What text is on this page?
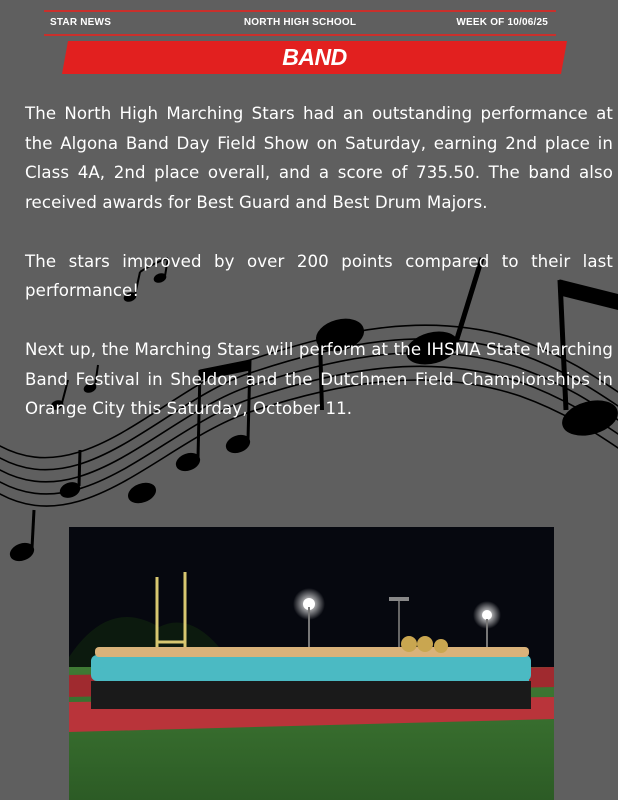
STAR NEWS	NORTH HIGH SCHOOL	WEEK OF 10/06/25
BAND

The North High Marching Stars had an outstanding performance at the Algona Band Day Field Show on Saturday, earning 2nd place in Class 4A, 2nd place overall, and a score of 735.50. The band also received awards for Best Guard and Best Drum Majors.

The stars improved by over 200 points compared to their last performance!

Next up, the Marching Stars will perform at the IHSMA State Marching Band Festival in Sheldon and the Dutchmen Field Championships in Orange City this Saturday, October 11.
